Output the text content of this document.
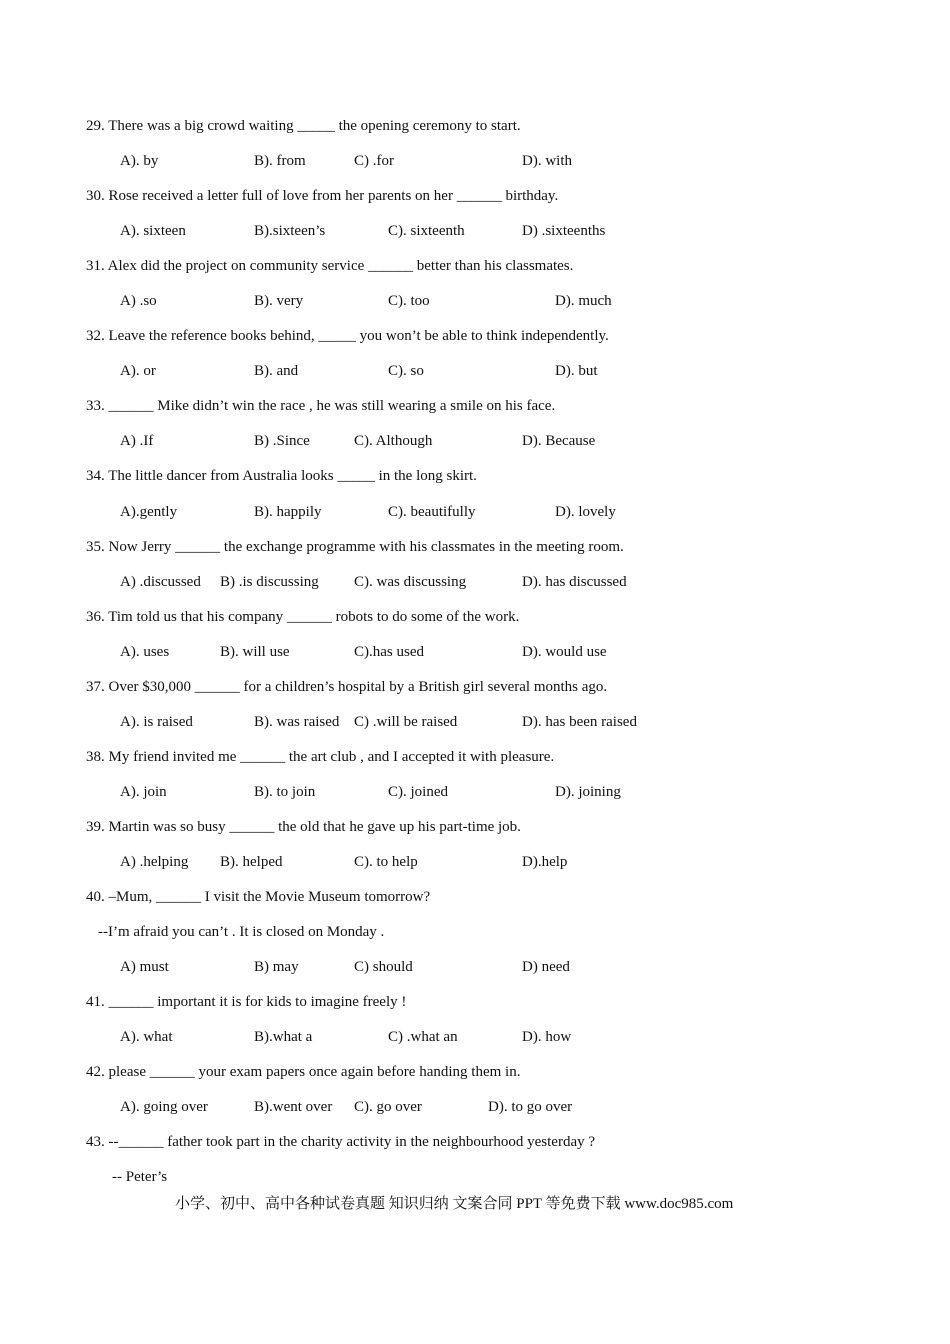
29. There was a big crowd waiting _____ the opening ceremony to start.
A). by	B). from	C) .for	D). with
30. Rose received a letter full of love from her parents on her ______ birthday.
A). sixteen	B).sixteen’s	C). sixteenth	D) .sixteenths
31. Alex did the project on community service ______ better than his classmates.
A) .so	B). very	C). too	D). much
32. Leave the reference books behind, _____ you won’t be able to think independently.
A). or	B). and	C). so	D). but
33. ______ Mike didn’t win the race , he was still wearing a smile on his face.
A) .If	B) .Since	C). Although	D). Because
34. The little dancer from Australia looks _____ in the long skirt.
A).gently	B). happily	C). beautifully	D). lovely
35. Now Jerry ______ the exchange programme with his classmates in the meeting room.
A) .discussed B) .is discussing C). was discussing	D). has discussed
36. Tim told us that his company ______ robots to do some of the work.
A). uses	B). will use	C).has used	D). would use
37. Over $30,000 ______ for a children’s hospital by a British girl several months ago.
A). is raised	B). was raised C) .will be raised	D). has been raised
38. My friend invited me ______ the art club , and I accepted it with pleasure.
A). join	B). to join	C). joined	D). joining
39. Martin was so busy ______ the old that he gave up his part-time job.
A) .helping B). helped	C). to help	D).help
40. –Mum, ______ I visit the Movie Museum tomorrow?
--I’m afraid you can’t . It is closed on Monday .
A) must	B) may	C) should	D) need
41. ______ important it is for kids to imagine freely !
A). what	B).what a	C) .what an	D). how
42. please ______ your exam papers once again before handing them in.
A). going over	B).went over C). go over	D). to go over
43. --______ father took part in the charity activity in the neighbourhood yesterday ?
-- Peter’s
小学、初中、高中各种试卷真题 知识归纳 文案合同 PPT 等免费下载 www.doc985.com
